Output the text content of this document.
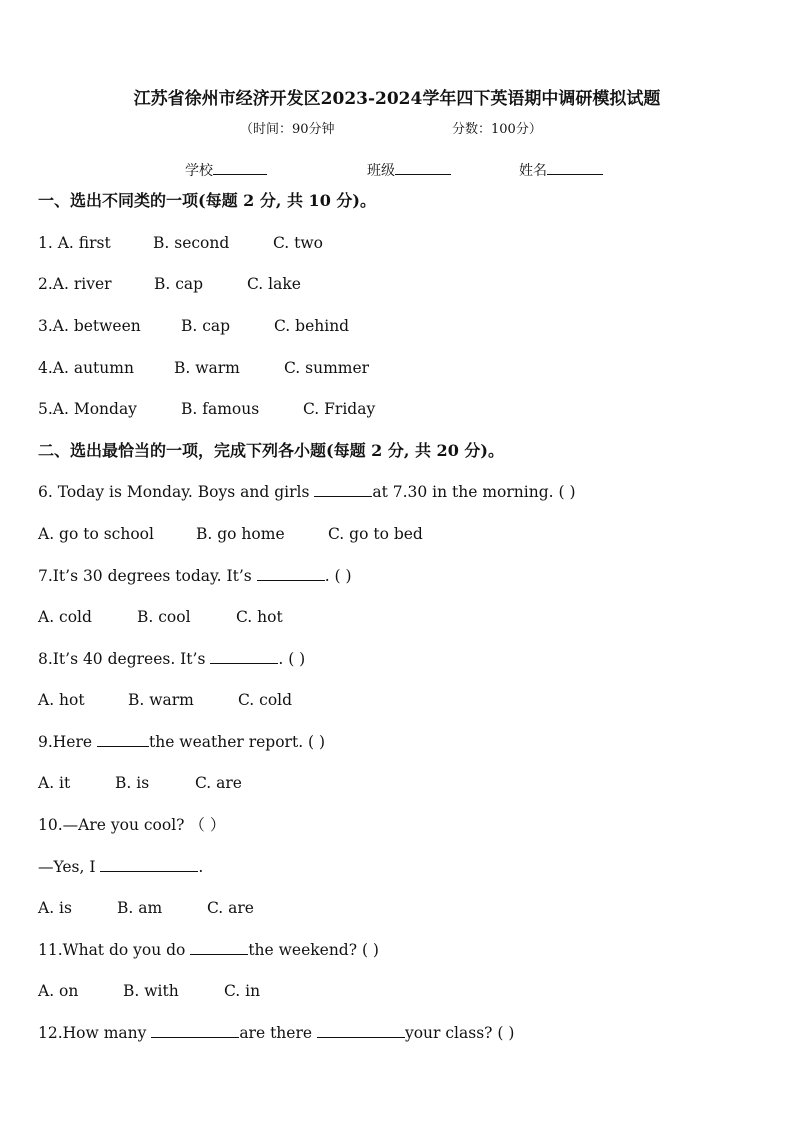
江苏省徐州市经济开发区2023-2024学年四下英语期中调研模拟试题
（时间：90分钟	分数：100分）
学校	班级	姓名
一、选出不同类的一项(每题 2 分, 共 10 分)。
1. A. first	B. second	C. two
2.A. river	B. cap	C. lake
3.A. between	B. cap	C. behind
4.A. autumn	B. warm	C. summer
5.A. Monday	B. famous	C. Friday
二、选出最恰当的一项，完成下列各小题(每题 2 分, 共 20 分)。
6. Today is Monday. Boys and girls	at 7.30 in the morning. ( )
A. go to school	B. go home	C. go to bed
7.It’s 30 degrees today. It’s	. ( )
A. cold	B. cool	C. hot
8.It’s 40 degrees. It’s	. ( )
A. hot	B. warm	C. cold
9.Here	the weather report. ( )
A. it	B. is	C. are
10.—Are you cool? （ ）
—Yes, I	.
A. is	B. am	C. are
11.What do you do	the weekend? ( )
A. on	B. with	C. in
12.How many	are there	your class? ( )
